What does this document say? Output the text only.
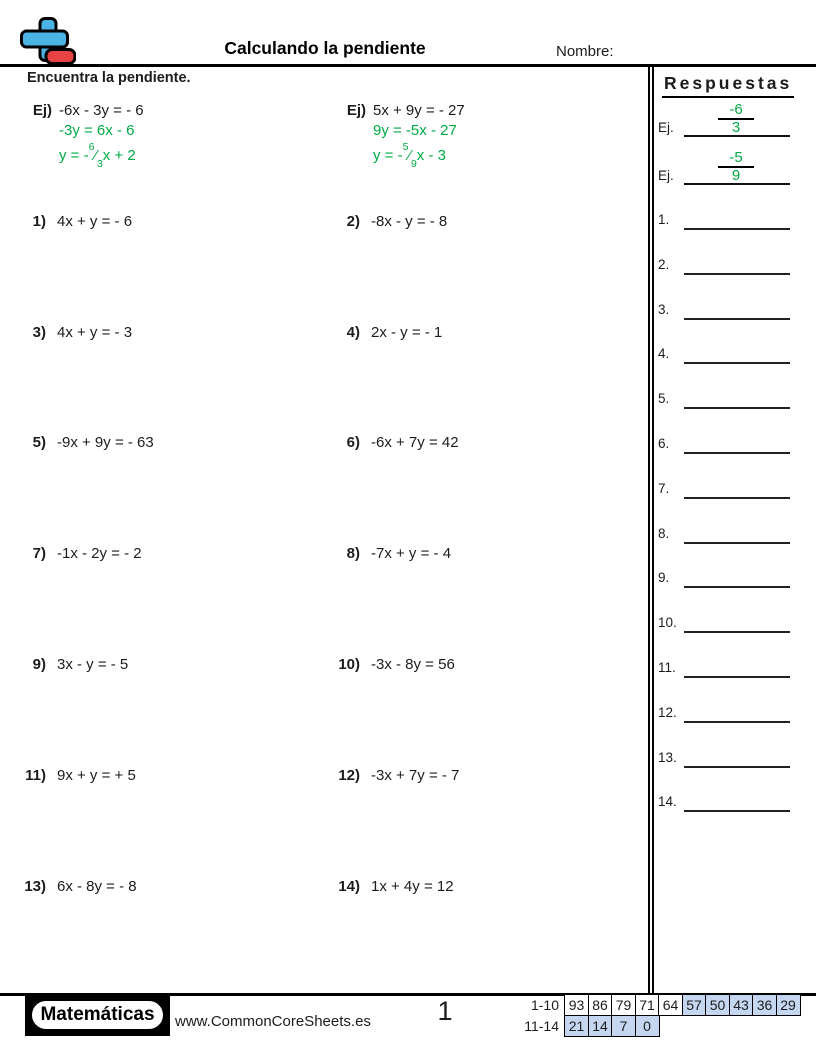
Calculando la pendiente	Nombre:
Encuentra la pendiente.
Ej) -6x - 3y = - 6
-3y = 6x - 6
$y = -^6⁄_3x + 2$
Ej) 5x + 9y = - 27
9y = -5x - 27
$y = -^5⁄_9x - 3$
1) 4x + y = - 6
3) 4x + y = - 3
5) -9x + 9y = - 63
7) -1x - 2y = - 2
9) 3x - y = - 5
11) 9x + y = + 5
13) 6x - 8y = - 8
2) -8x - y = - 8
4) 2x - y = - 1
6) -6x + 7y = 42
8) -7x + y = - 4
10) -3x - 8y = 56
12) -3x + 7y = - 7
14) 1x + 4y = 12
Respuestas
Ej. $\frac{-6}{3}$
Ej. $\frac{-5}{9}$
1.
2.
3.
4.
5.
6.
7.
8.
9.
10.
11.
12.
13.
14.
Matemáticas	www.CommonCoreSheets.es	1	1-10 93 86 79 71 64 57 50 43 36 29
11-14 21 14 7	0
